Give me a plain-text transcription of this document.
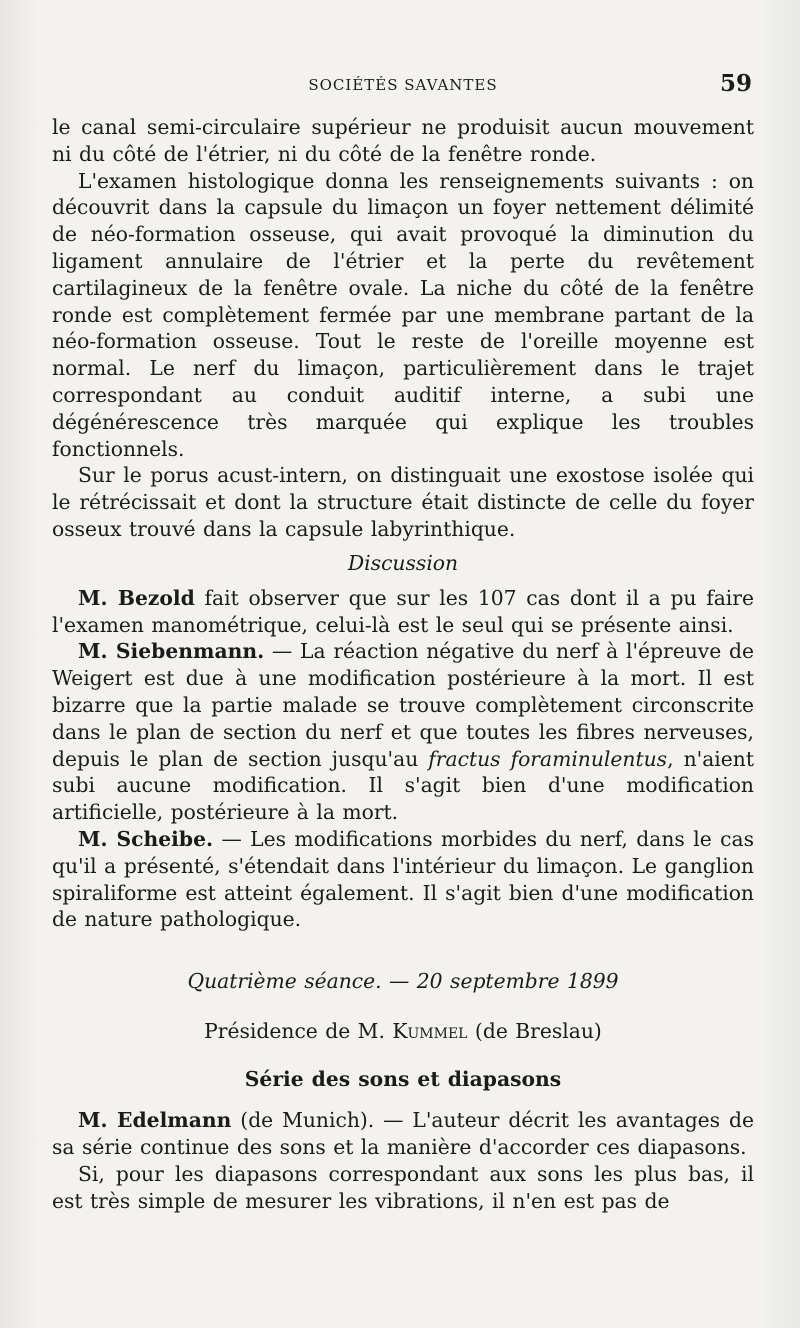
SOCIÉTÉS SAVANTES	59

le canal semi-circulaire supérieur ne produisit aucun mouvement ni du côté de l'étrier, ni du côté de la fenêtre ronde.

L'examen histologique donna les renseignements suivants : on découvrit dans la capsule du limaçon un foyer nettement délimité de néo-formation osseuse, qui avait provoqué la diminution du ligament annulaire de l'étrier et la perte du revêtement cartilagineux de la fenêtre ovale. La niche du côté de la fenêtre ronde est complètement fermée par une membrane partant de la néo-formation osseuse. Tout le reste de l'oreille moyenne est normal. Le nerf du limaçon, particulièrement dans le trajet correspondant au conduit auditif interne, a subi une dégénérescence très marquée qui explique les troubles fonctionnels.

Sur le porus acust-intern, on distinguait une exostose isolée qui le rétrécissait et dont la structure était distincte de celle du foyer osseux trouvé dans la capsule labyrinthique.

Discussion

M. Bezold fait observer que sur les 107 cas dont il a pu faire l'examen manométrique, celui-là est le seul qui se présente ainsi.

M. Siebenmann. — La réaction négative du nerf à l'épreuve de Weigert est due à une modification postérieure à la mort. Il est bizarre que la partie malade se trouve complètement circonscrite dans le plan de section du nerf et que toutes les fibres nerveuses, depuis le plan de section jusqu'au fractus foraminulentus, n'aient subi aucune modification. Il s'agit bien d'une modification artificielle, postérieure à la mort.

M. Scheibe. — Les modifications morbides du nerf, dans le cas qu'il a présenté, s'étendait dans l'intérieur du limaçon. Le ganglion spiraliforme est atteint également. Il s'agit bien d'une modification de nature pathologique.

Quatrième séance. — 20 septembre 1899

Présidence de M. Kummel (de Breslau)

Série des sons et diapasons

M. Edelmann (de Munich). — L'auteur décrit les avantages de sa série continue des sons et la manière d'accorder ces diapasons.

Si, pour les diapasons correspondant aux sons les plus bas, il est très simple de mesurer les vibrations, il n'en est pas de
